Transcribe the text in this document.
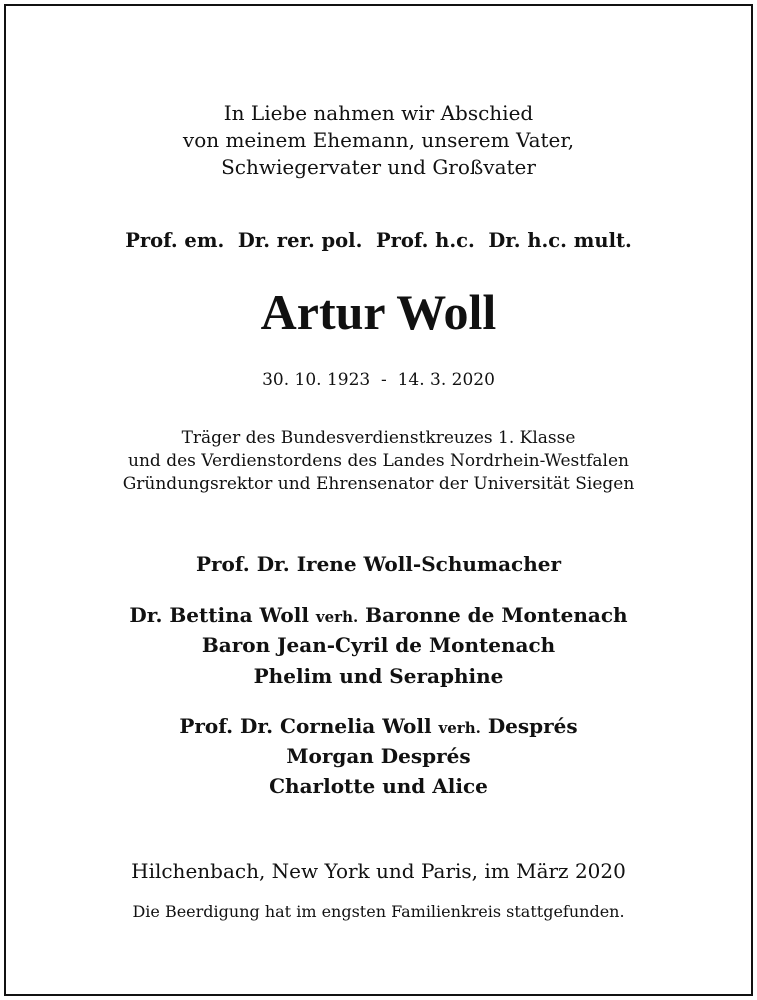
In Liebe nahmen wir Abschied
von meinem Ehemann, unserem Vater,
Schwiegervater und Großvater
Prof. em.  Dr. rer. pol.  Prof. h.c.  Dr. h.c. mult.
Artur Woll
30. 10. 1923  -  14. 3. 2020
Träger des Bundesverdienstkreuzes 1. Klasse
und des Verdienstordens des Landes Nordrhein-Westfalen
Gründungsrektor und Ehrensenator der Universität Siegen
Prof. Dr. Irene Woll-Schumacher
Dr. Bettina Woll verh. Baronne de Montenach
Baron Jean-Cyril de Montenach
Phelim und Seraphine
Prof. Dr. Cornelia Woll verh. Després
Morgan Després
Charlotte und Alice
Hilchenbach, New York und Paris, im März 2020
Die Beerdigung hat im engsten Familienkreis stattgefunden.
